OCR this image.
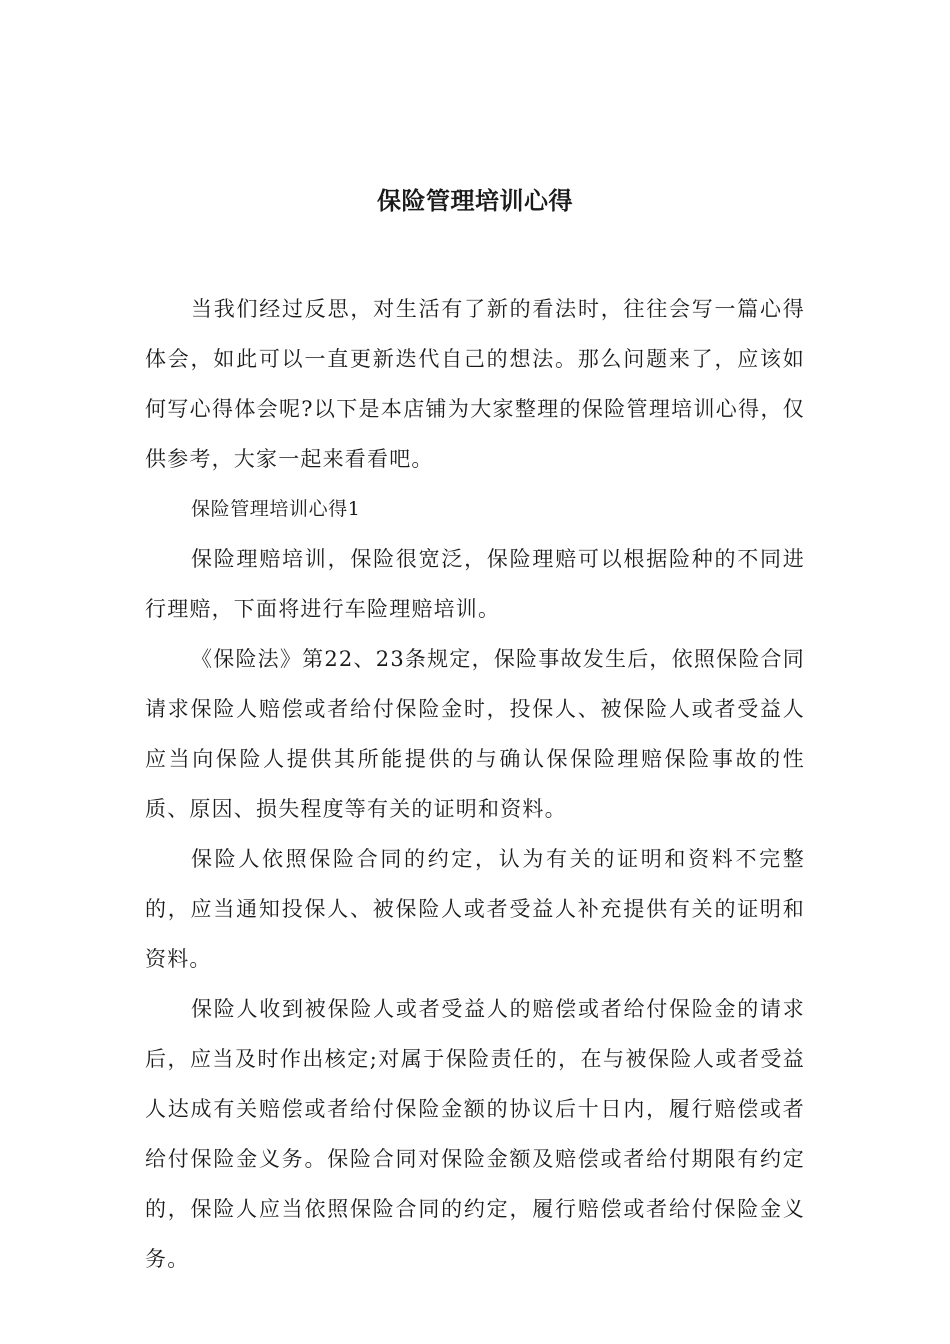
保险管理培训心得

当我们经过反思，对生活有了新的看法时，往往会写一篇心得体会，如此可以一直更新迭代自己的想法。那么问题来了，应该如何写心得体会呢?以下是本店铺为大家整理的保险管理培训心得，仅供参考，大家一起来看看吧。

保险管理培训心得1

保险理赔培训，保险很宽泛，保险理赔可以根据险种的不同进行理赔，下面将进行车险理赔培训。

《保险法》第22、23条规定，保险事故发生后，依照保险合同请求保险人赔偿或者给付保险金时，投保人、被保险人或者受益人应当向保险人提供其所能提供的与确认保保险理赔保险事故的性质、原因、损失程度等有关的证明和资料。

保险人依照保险合同的约定，认为有关的证明和资料不完整的，应当通知投保人、被保险人或者受益人补充提供有关的证明和资料。

保险人收到被保险人或者受益人的赔偿或者给付保险金的请求后，应当及时作出核定;对属于保险责任的，在与被保险人或者受益人达成有关赔偿或者给付保险金额的协议后十日内，履行赔偿或者给付保险金义务。保险合同对保险金额及赔偿或者给付期限有约定的，保险人应当依照保险合同的约定，履行赔偿或者给付保险金义务。
